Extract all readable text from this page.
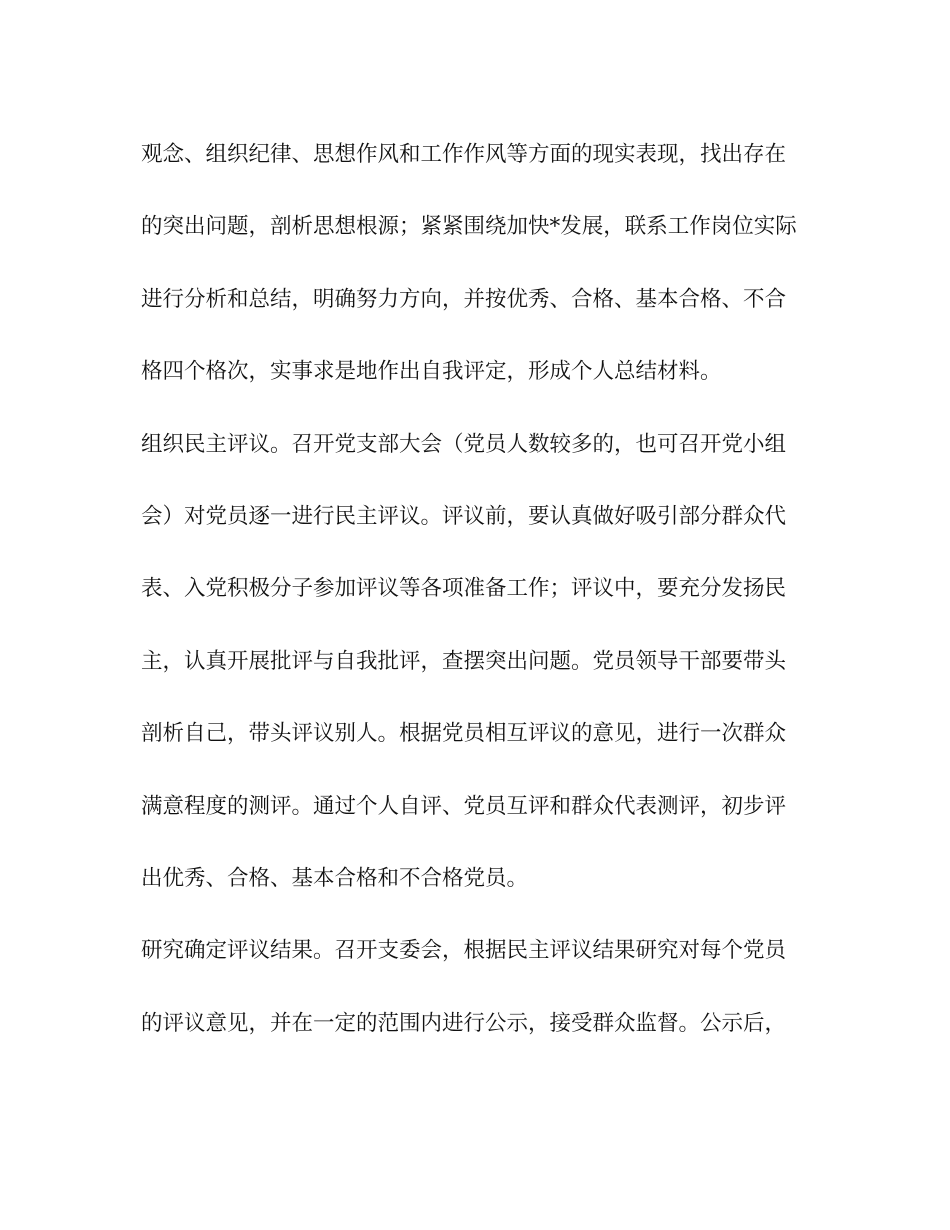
观念、组织纪律、思想作风和工作作风等方面的现实表现，找出存在
的突出问题，剖析思想根源；紧紧围绕加快*发展，联系工作岗位实际
进行分析和总结，明确努力方向，并按优秀、合格、基本合格、不合
格四个格次，实事求是地作出自我评定，形成个人总结材料。
组织民主评议。召开党支部大会（党员人数较多的，也可召开党小组
会）对党员逐一进行民主评议。评议前，要认真做好吸引部分群众代
表、入党积极分子参加评议等各项准备工作；评议中，要充分发扬民
主，认真开展批评与自我批评，查摆突出问题。党员领导干部要带头
剖析自己，带头评议别人。根据党员相互评议的意见，进行一次群众
满意程度的测评。通过个人自评、党员互评和群众代表测评，初步评
出优秀、合格、基本合格和不合格党员。
研究确定评议结果。召开支委会，根据民主评议结果研究对每个党员
的评议意见，并在一定的范围内进行公示，接受群众监督。公示后，
